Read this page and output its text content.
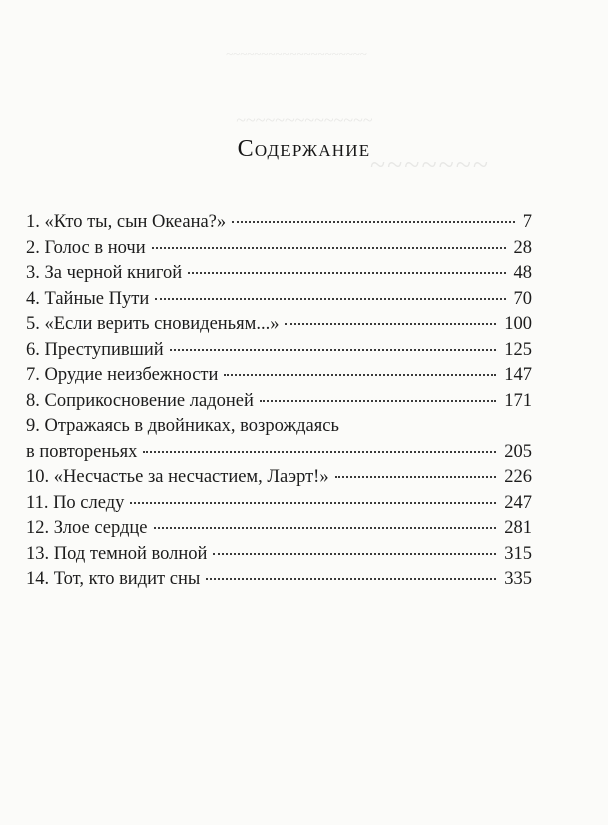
~~~~~~~~~~~~~~~~~~~~
~~~~~~~~~~~~~~
~~~~~~~
Содержание
1. «Кто ты, сын Океана?»	7
2. Голос в ночи	28
3. За черной книгой	48
4. Тайные Пути	70
5. «Если верить сновиденьям...»	100
6. Преступивший	125
7. Орудие неизбежности	147
8. Соприкосновение ладоней	171
9. Отражаясь в двойниках, возрождаясь
в повтореньях	205
10. «Несчастье за несчастием, Лаэрт!»	226
11. По следу	247
12. Злое сердце	281
13. Под темной волной	315
14. Тот, кто видит сны	335
